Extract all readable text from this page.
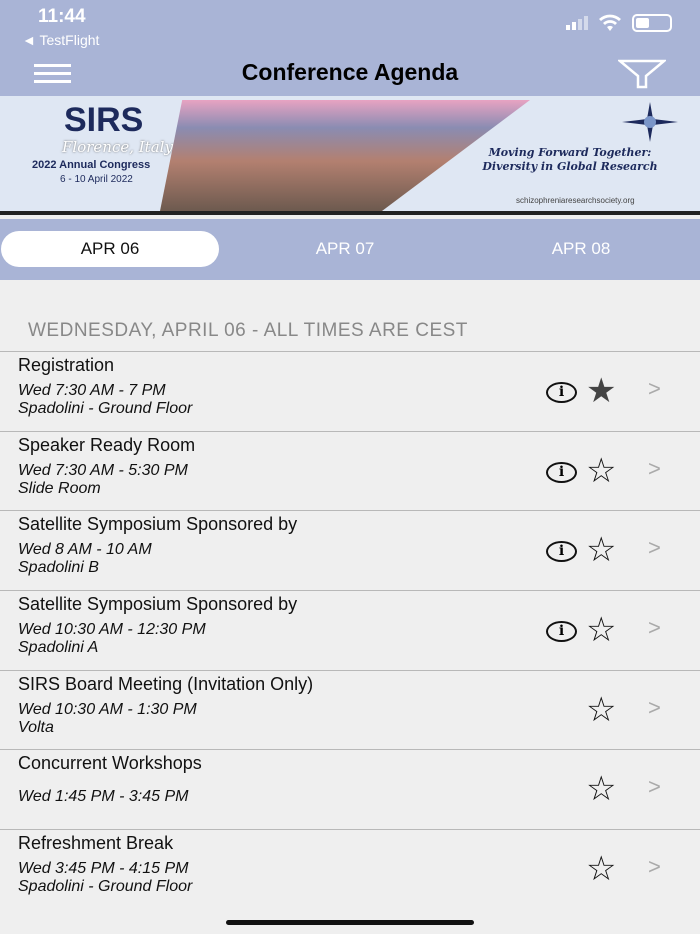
11:44
◄ TestFlight
Conference Agenda
SIRS
Florence, Italy
2022 Annual Congress
6 - 10 April 2022
Moving Forward Together:
Diversity in Global Research
schizophreniaresearchsociety.org
APR 06	APR 07	APR 08
WEDNESDAY, APRIL 06 - ALL TIMES ARE CEST
Registration
Wed 7:30 AM - 7 PM
Spadolini - Ground Floor
i ★ >
Speaker Ready Room
Wed 7:30 AM - 5:30 PM
Slide Room
i ☆ >
Satellite Symposium Sponsored by
Wed 8 AM - 10 AM
Spadolini B
i ☆ >
Satellite Symposium Sponsored by
Wed 10:30 AM - 12:30 PM
Spadolini A
i ☆ >
SIRS Board Meeting (Invitation Only)
Wed 10:30 AM - 1:30 PM
Volta	☆ >
Concurrent Workshops
Wed 1:45 PM - 3:45 PM	☆ >
Refreshment Break
Wed 3:45 PM - 4:15 PM
Spadolini - Ground Floor	☆ >
